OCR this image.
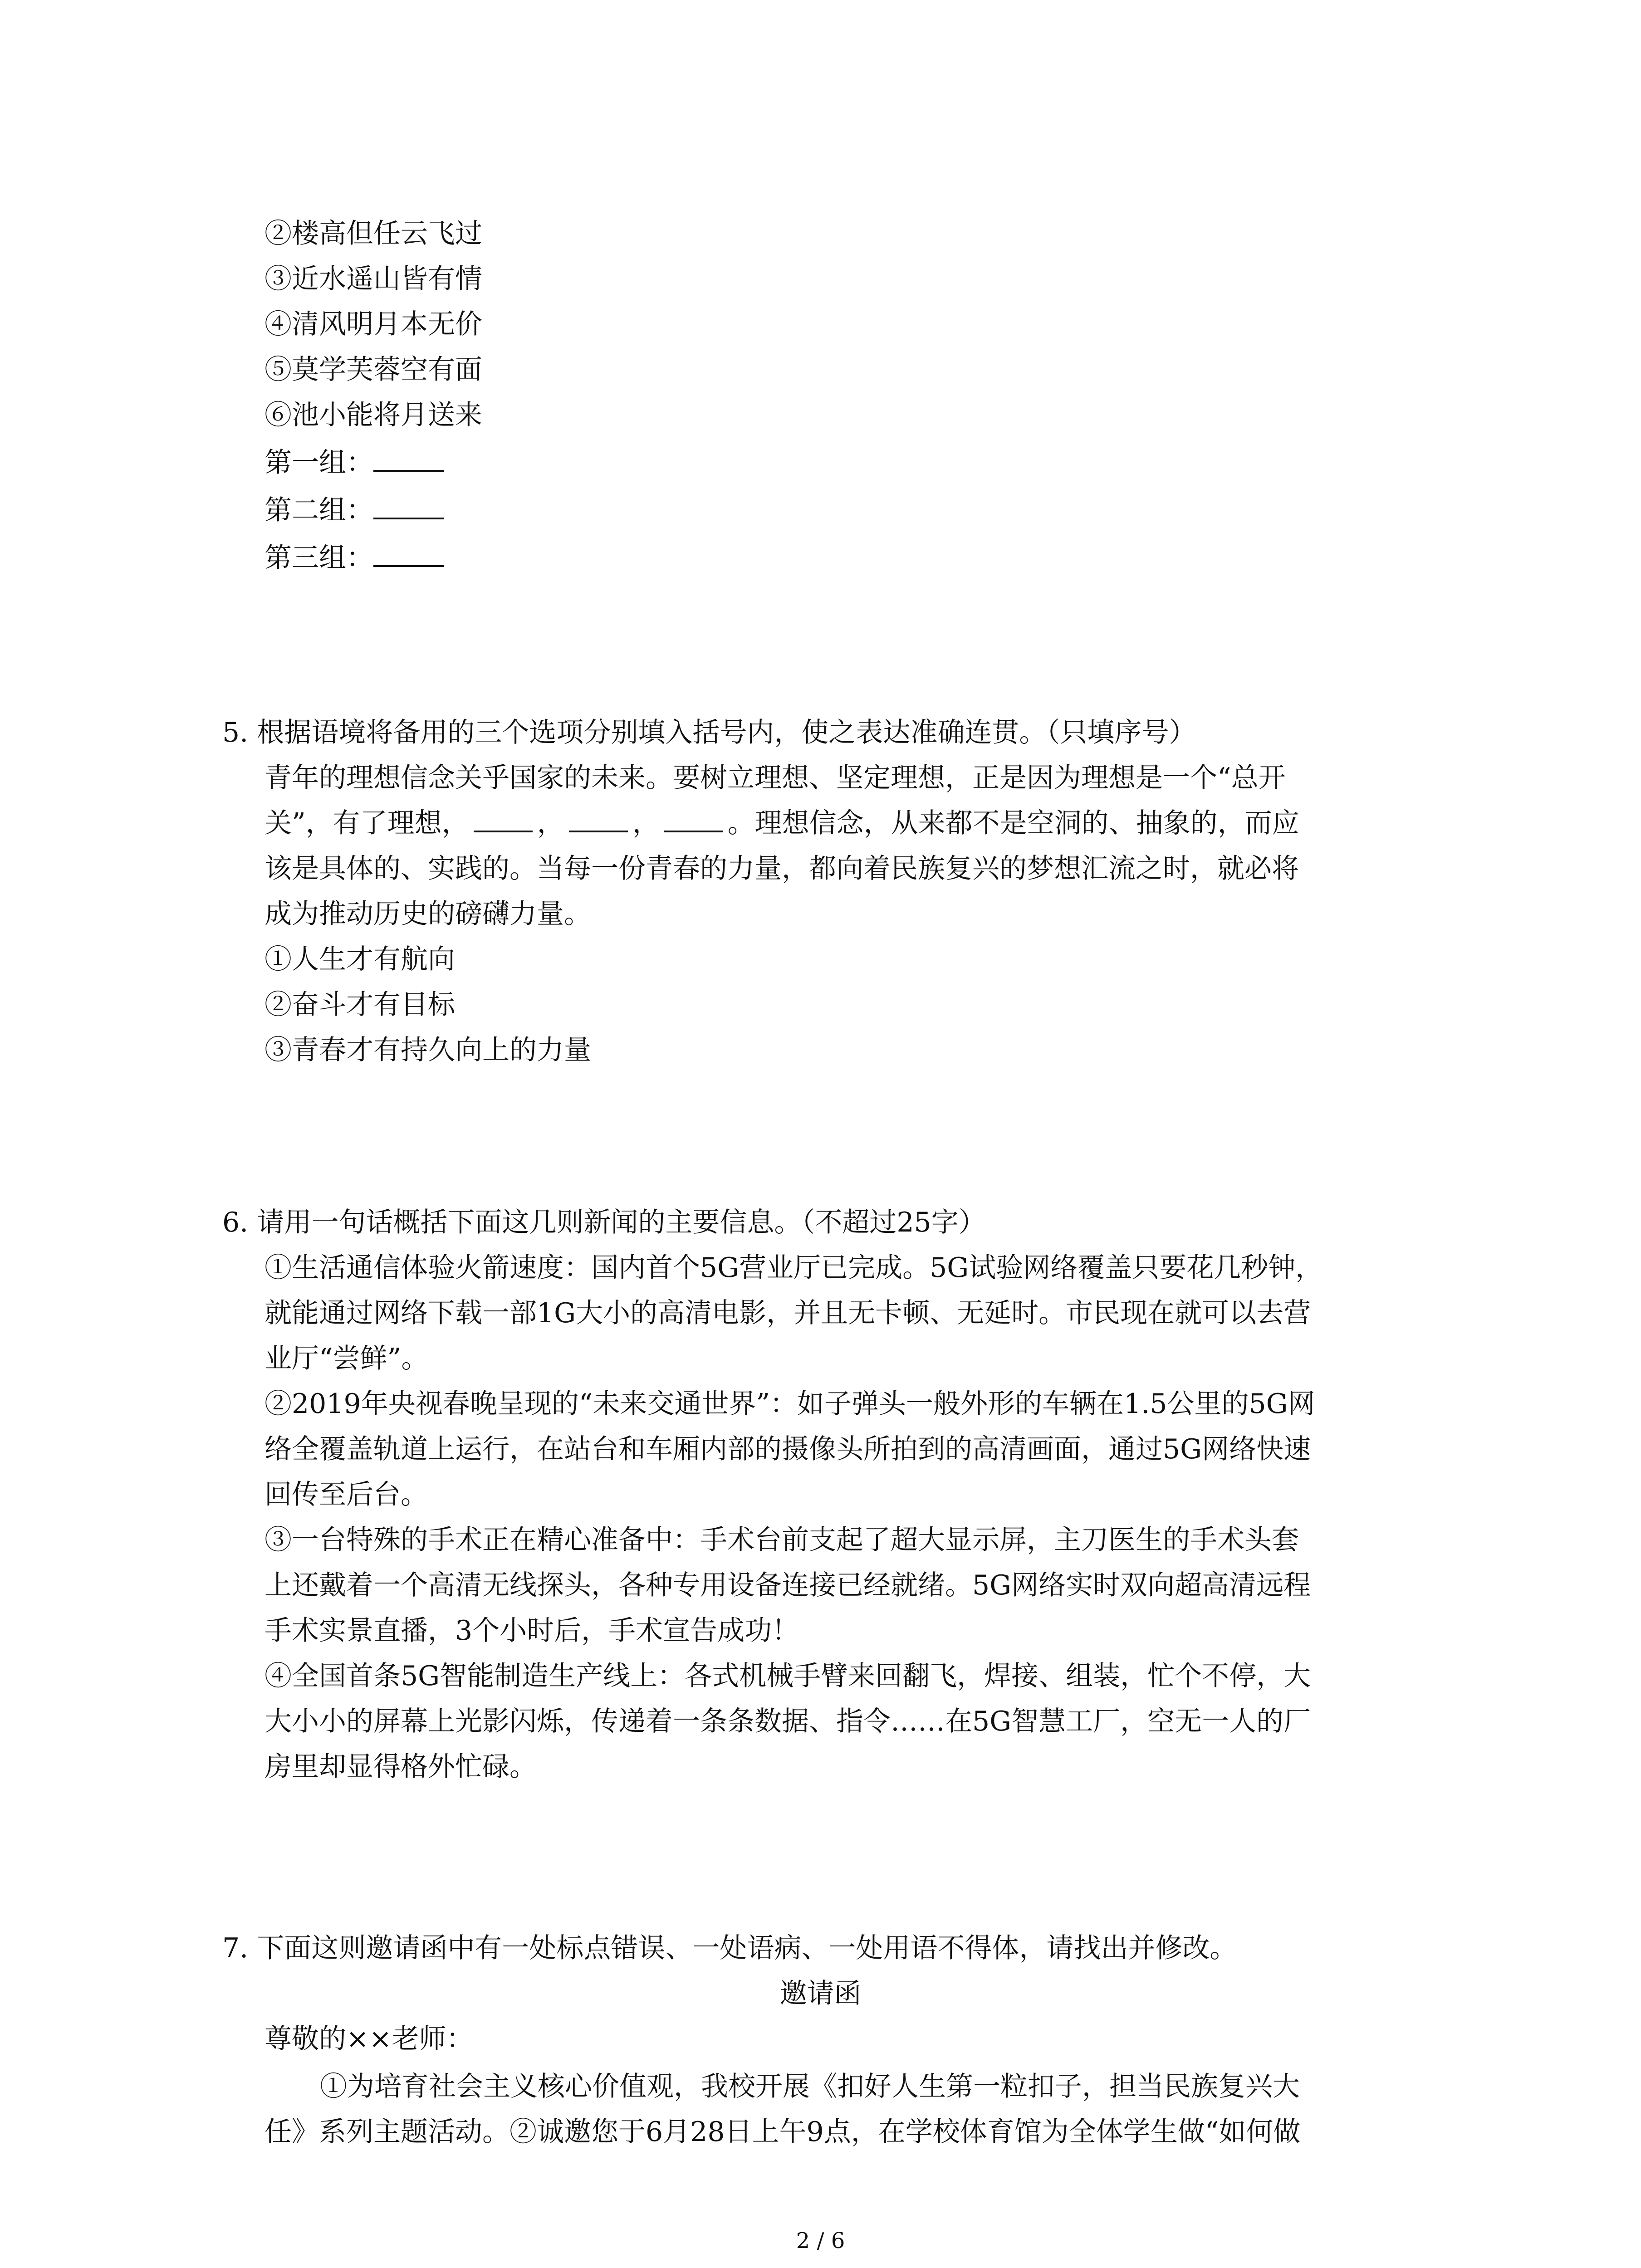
②楼高但任云飞过
③近水遥山皆有情
④清风明月本无价
⑤莫学芙蓉空有面
⑥池小能将月送来
第一组：
第二组：
第三组：
5. 根据语境将备用的三个选项分别填入括号内，使之表达准确连贯。（只填序号）
青年的理想信念关乎国家的未来。要树立理想、坚定理想，正是因为理想是一个“总开
关”，有了理想，	，	，	。理想信念，从来都不是空洞的、抽象的，而应
该是具体的、实践的。当每一份青春的力量，都向着民族复兴的梦想汇流之时，就必将
成为推动历史的磅礴力量。
①人生才有航向
②奋斗才有目标
③青春才有持久向上的力量
6. 请用一句话概括下面这几则新闻的主要信息。（不超过25字）
①生活通信体验火箭速度：国内首个5G营业厅已完成。5G试验网络覆盖只要花几秒钟，
就能通过网络下载一部1G大小的高清电影，并且无卡顿、无延时。市民现在就可以去营
业厅“尝鲜”。
②2019年央视春晚呈现的“未来交通世界”：如子弹头一般外形的车辆在1.5公里的5G网
络全覆盖轨道上运行，在站台和车厢内部的摄像头所拍到的高清画面，通过5G网络快速
回传至后台。
③一台特殊的手术正在精心准备中：手术台前支起了超大显示屏，主刀医生的手术头套
上还戴着一个高清无线探头，各种专用设备连接已经就绪。5G网络实时双向超高清远程
手术实景直播，3个小时后，手术宣告成功！
④全国首条5G智能制造生产线上：各式机械手臂来回翻飞，焊接、组装，忙个不停，大
大小小的屏幕上光影闪烁，传递着一条条数据、指令……在5G智慧工厂，空无一人的厂
房里却显得格外忙碌。
7. 下面这则邀请函中有一处标点错误、一处语病、一处用语不得体，请找出并修改。
邀请函
尊敬的××老师：
①为培育社会主义核心价值观，我校开展《扣好人生第一粒扣子，担当民族复兴大
任》系列主题活动。②诚邀您于6月28日上午9点，在学校体育馆为全体学生做“如何做
2 / 6
